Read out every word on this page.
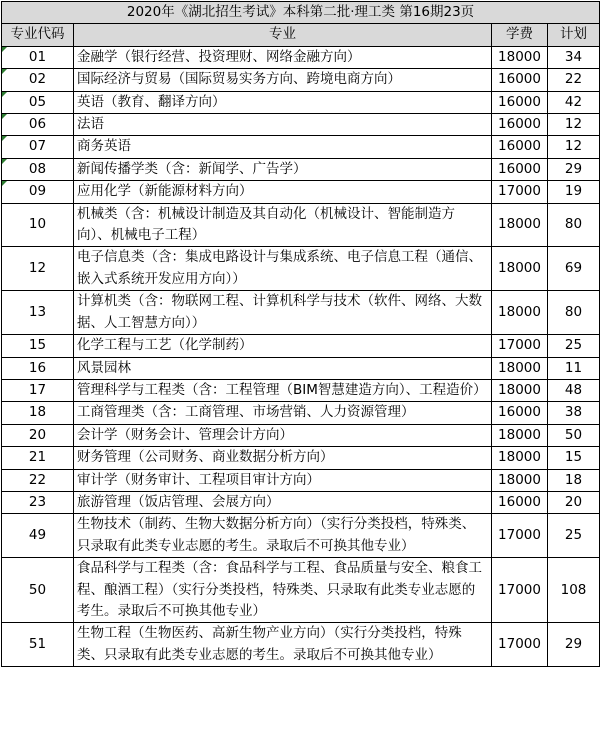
2020年《湖北招生考试》本科第二批·理工类 第16期23页			
专业代码	专业	学费	计划

01	金融学（银行经营、投资理财、网络金融方向）	18000	34

02	国际经济与贸易（国际贸易实务方向、跨境电商方向）	16000	22

05	英语（教育、翻译方向）	16000	42

06	法语	16000	12

07	商务英语	16000	12

08	新闻传播学类（含：新闻学、广告学）	16000	29

09	应用化学（新能源材料方向）	17000	19
10	机械类（含：机械设计制造及其自动化（机械设计、智能制造方向）、机械电子工程）	18000	80
12	电子信息类（含：集成电路设计与集成系统、电子信息工程（通信、嵌入式系统开发应用方向））	18000	69
13	计算机类（含：物联网工程、计算机科学与技术（软件、网络、大数据、人工智慧方向））	18000	80
15	化学工程与工艺（化学制药）	17000	25
16	风景园林	18000	11
17	管理科学与工程类（含：工程管理（BIM智慧建造方向）、工程造价）	18000	48
18	工商管理类（含：工商管理、市场营销、人力资源管理）	16000	38
20	会计学（财务会计、管理会计方向）	18000	50
21	财务管理（公司财务、商业数据分析方向）	18000	15
22	审计学（财务审计、工程项目审计方向）	18000	18
23	旅游管理（饭店管理、会展方向）	16000	20
49	生物技术（制药、生物大数据分析方向）（实行分类投档，特殊类、只录取有此类专业志愿的考生。录取后不可换其他专业）	17000	25
50	食品科学与工程类（含：食品科学与工程、食品质量与安全、粮食工程、酿酒工程）（实行分类投档，特殊类、只录取有此类专业志愿的考生。录取后不可换其他专业）	17000	108
51	生物工程（生物医药、高新生物产业方向）（实行分类投档，特殊类、只录取有此类专业志愿的考生。录取后不可换其他专业）	17000	29
